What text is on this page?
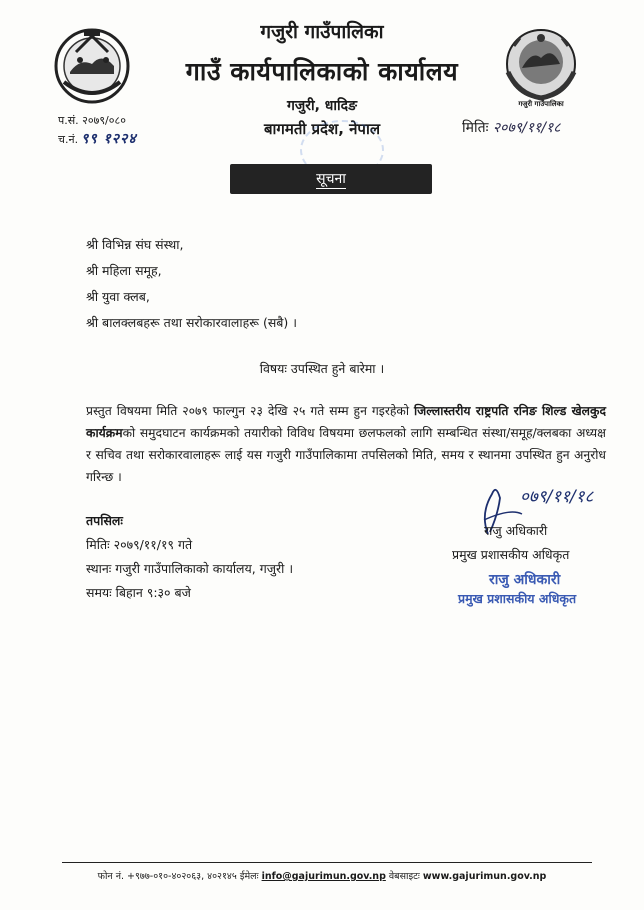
गजुरी गाउँपालिका
गजुरी गाउँपालिका
गाउँ कार्यपालिकाको कार्यालय
गजुरी, धादिङ
बागमती प्रदेश, नेपाल
प.सं. २०७९/०८०
च.नं. ९९ १२२४
मितिः २०७९/११/१८
सूचना
श्री विभिन्न संघ संस्था,
श्री महिला समूह,
श्री युवा क्लब,
श्री बालक्लबहरू तथा सरोकारवालाहरू (सबै) ।
विषयः उपस्थित हुने बारेमा ।
प्रस्तुत विषयमा मिति २०७९ फाल्गुन २३ देखि २५ गते सम्म हुन गइरहेको जिल्लास्तरीय राष्ट्रपति रनिङ शिल्ड खेलकुद कार्यक्रमको समुदघाटन कार्यक्रमको तयारीको विविध विषयमा छलफलको लागि सम्बन्धित संस्था/समूह/क्लबका अध्यक्ष र सचिव तथा सरोकारवालाहरू लाई यस गजुरी गाउँपालिकामा तपसिलको मिति, समय र स्थानमा उपस्थित हुन अनुरोध गरिन्छ ।
तपसिलः
मितिः २०७९/११/१९ गते
स्थानः गजुरी गाउँपालिकाको कार्यालय, गजुरी ।
समयः बिहान ९:३० बजे
०७९/११/१८
राजु अधिकारी
प्रमुख प्रशासकीय अधिकृत
राजु अधिकारी
प्रमुख प्रशासकीय अधिकृत
फोन नं. +९७७-०१०-४०२०६३, ४०२१४५ ईमेलः info@gajurimun.gov.np वेबसाइटः www.gajurimun.gov.np
